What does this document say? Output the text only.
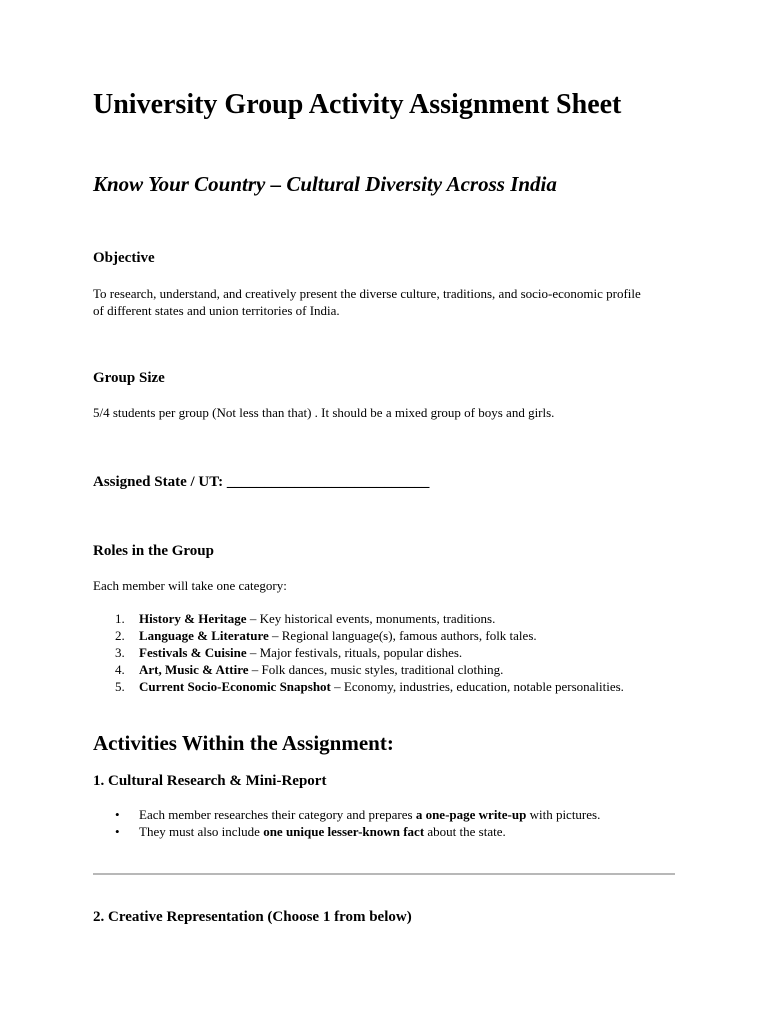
University Group Activity Assignment Sheet
Know Your Country – Cultural Diversity Across India
Objective

To research, understand, and creatively present the diverse culture, traditions, and socio-economic profile of different states and union territories of India.

Group Size

5/4 students per group (Not less than that) . It should be a mixed group of boys and girls.

Assigned State / UT: ___________________________
Roles in the Group

Each member will take one category:

1. History & Heritage – Key historical events, monuments, traditions.
2. Language & Literature – Regional language(s), famous authors, folk tales.
3. Festivals & Cuisine – Major festivals, rituals, popular dishes.
4. Art, Music & Attire – Folk dances, music styles, traditional clothing.
5. Current Socio-Economic Snapshot – Economy, industries, education, notable personalities.
Activities Within the Assignment:
1. Cultural Research & Mini-Report
• Each member researches their category and prepares a one-page write-up with pictures.
• They must also include one unique lesser-known fact about the state.
2. Creative Representation (Choose 1 from below)
